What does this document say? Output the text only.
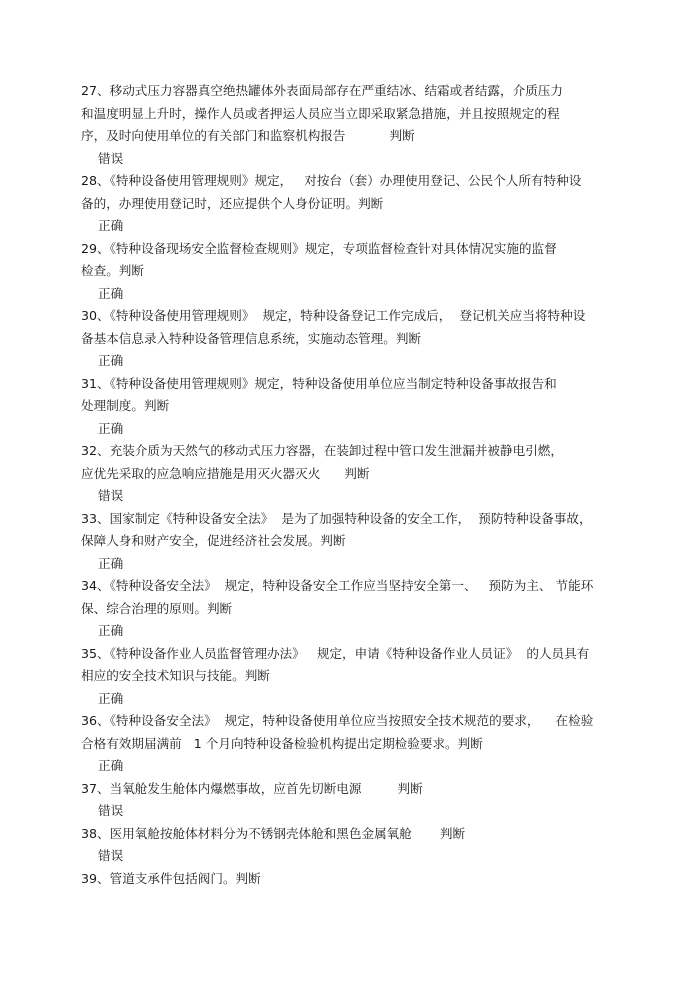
27、移动式压力容器真空绝热罐体外表面局部存在严重结冰、结霜或者结露，介质压力
和温度明显上升时，操作人员或者押运人员应当立即采取紧急措施，并且按照规定的程
序，及时向使用单位的有关部门和监察机构报告           判断

错误

28、《特种设备使用管理规则》规定，   对按台（套）办理使用登记、公民个人所有特种设
备的，办理使用登记时，还应提供个人身份证明。判断

正确

29、《特种设备现场安全监督检查规则》规定，专项监督检查针对具体情况实施的监督
检查。判断

正确

30、《特种设备使用管理规则》  规定，特种设备登记工作完成后，  登记机关应当将特种设
备基本信息录入特种设备管理信息系统，实施动态管理。判断

正确

31、《特种设备使用管理规则》规定，特种设备使用单位应当制定特种设备事故报告和
处理制度。判断

正确

32、充装介质为天然气的移动式压力容器，在装卸过程中管口发生泄漏并被静电引燃，
应优先采取的应急响应措施是用灭火器灭火      判断

错误

33、国家制定《特种设备安全法》  是为了加强特种设备的安全工作，  预防特种设备事故，
保障人身和财产安全，促进经济社会发展。判断

正确

34、《特种设备安全法》  规定，特种设备安全工作应当坚持安全第一、   预防为主、 节能环
保、综合治理的原则。判断

正确

35、《特种设备作业人员监督管理办法》   规定，申请《特种设备作业人员证》  的人员具有
相应的安全技术知识与技能。判断

正确

36、《特种设备安全法》  规定，特种设备使用单位应当按照安全技术规范的要求，    在检验
合格有效期届满前   1 个月向特种设备检验机构提出定期检验要求。判断

正确

37、当氧舱发生舱体内爆燃事故，应首先切断电源         判断

错误

38、医用氧舱按舱体材料分为不锈钢壳体舱和黑色金属氧舱       判断

错误

39、管道支承件包括阀门。判断
